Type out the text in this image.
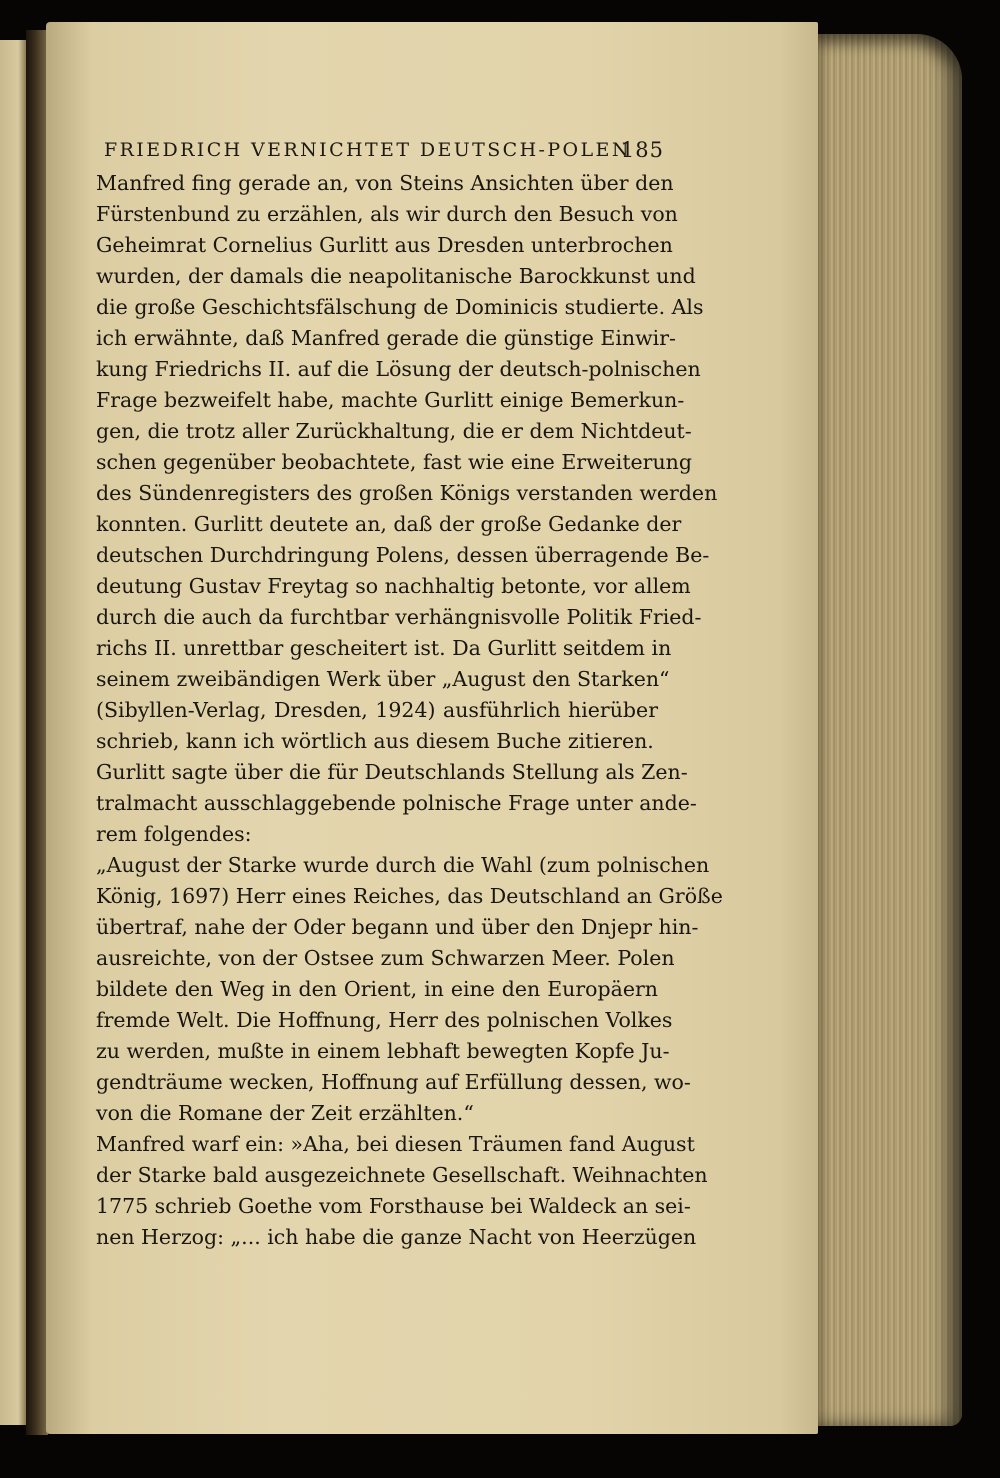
FRIEDRICH VERNICHTET DEUTSCH-POLEN
185
Manfred fing gerade an, von Steins Ansichten über den
Fürstenbund zu erzählen, als wir durch den Besuch von
Geheimrat Cornelius Gurlitt aus Dresden unterbrochen
wurden, der damals die neapolitanische Barockkunst und
die große Geschichtsfälschung de Dominicis studierte. Als
ich erwähnte, daß Manfred gerade die günstige Einwir-
kung Friedrichs II. auf die Lösung der deutsch-polnischen
Frage bezweifelt habe, machte Gurlitt einige Bemerkun-
gen, die trotz aller Zurückhaltung, die er dem Nichtdeut-
schen gegenüber beobachtete, fast wie eine Erweiterung
des Sündenregisters des großen Königs verstanden werden
konnten. Gurlitt deutete an, daß der große Gedanke der
deutschen Durchdringung Polens, dessen überragende Be-
deutung Gustav Freytag so nachhaltig betonte, vor allem
durch die auch da furchtbar verhängnisvolle Politik Fried-
richs II. unrettbar gescheitert ist. Da Gurlitt seitdem in
seinem zweibändigen Werk über „August den Starken“
(Sibyllen-Verlag, Dresden, 1924) ausführlich hierüber
schrieb, kann ich wörtlich aus diesem Buche zitieren.
Gurlitt sagte über die für Deutschlands Stellung als Zen-
tralmacht ausschlaggebende polnische Frage unter ande-
rem folgendes:
„August der Starke wurde durch die Wahl (zum polnischen
König, 1697) Herr eines Reiches, das Deutschland an Größe
übertraf, nahe der Oder begann und über den Dnjepr hin-
ausreichte, von der Ostsee zum Schwarzen Meer. Polen
bildete den Weg in den Orient, in eine den Europäern
fremde Welt. Die Hoffnung, Herr des polnischen Volkes
zu werden, mußte in einem lebhaft bewegten Kopfe Ju-
gendträume wecken, Hoffnung auf Erfüllung dessen, wo-
von die Romane der Zeit erzählten.“
Manfred warf ein: »Aha, bei diesen Träumen fand August
der Starke bald ausgezeichnete Gesellschaft. Weihnachten
1775 schrieb Goethe vom Forsthause bei Waldeck an sei-
nen Herzog: „... ich habe die ganze Nacht von Heerzügen
